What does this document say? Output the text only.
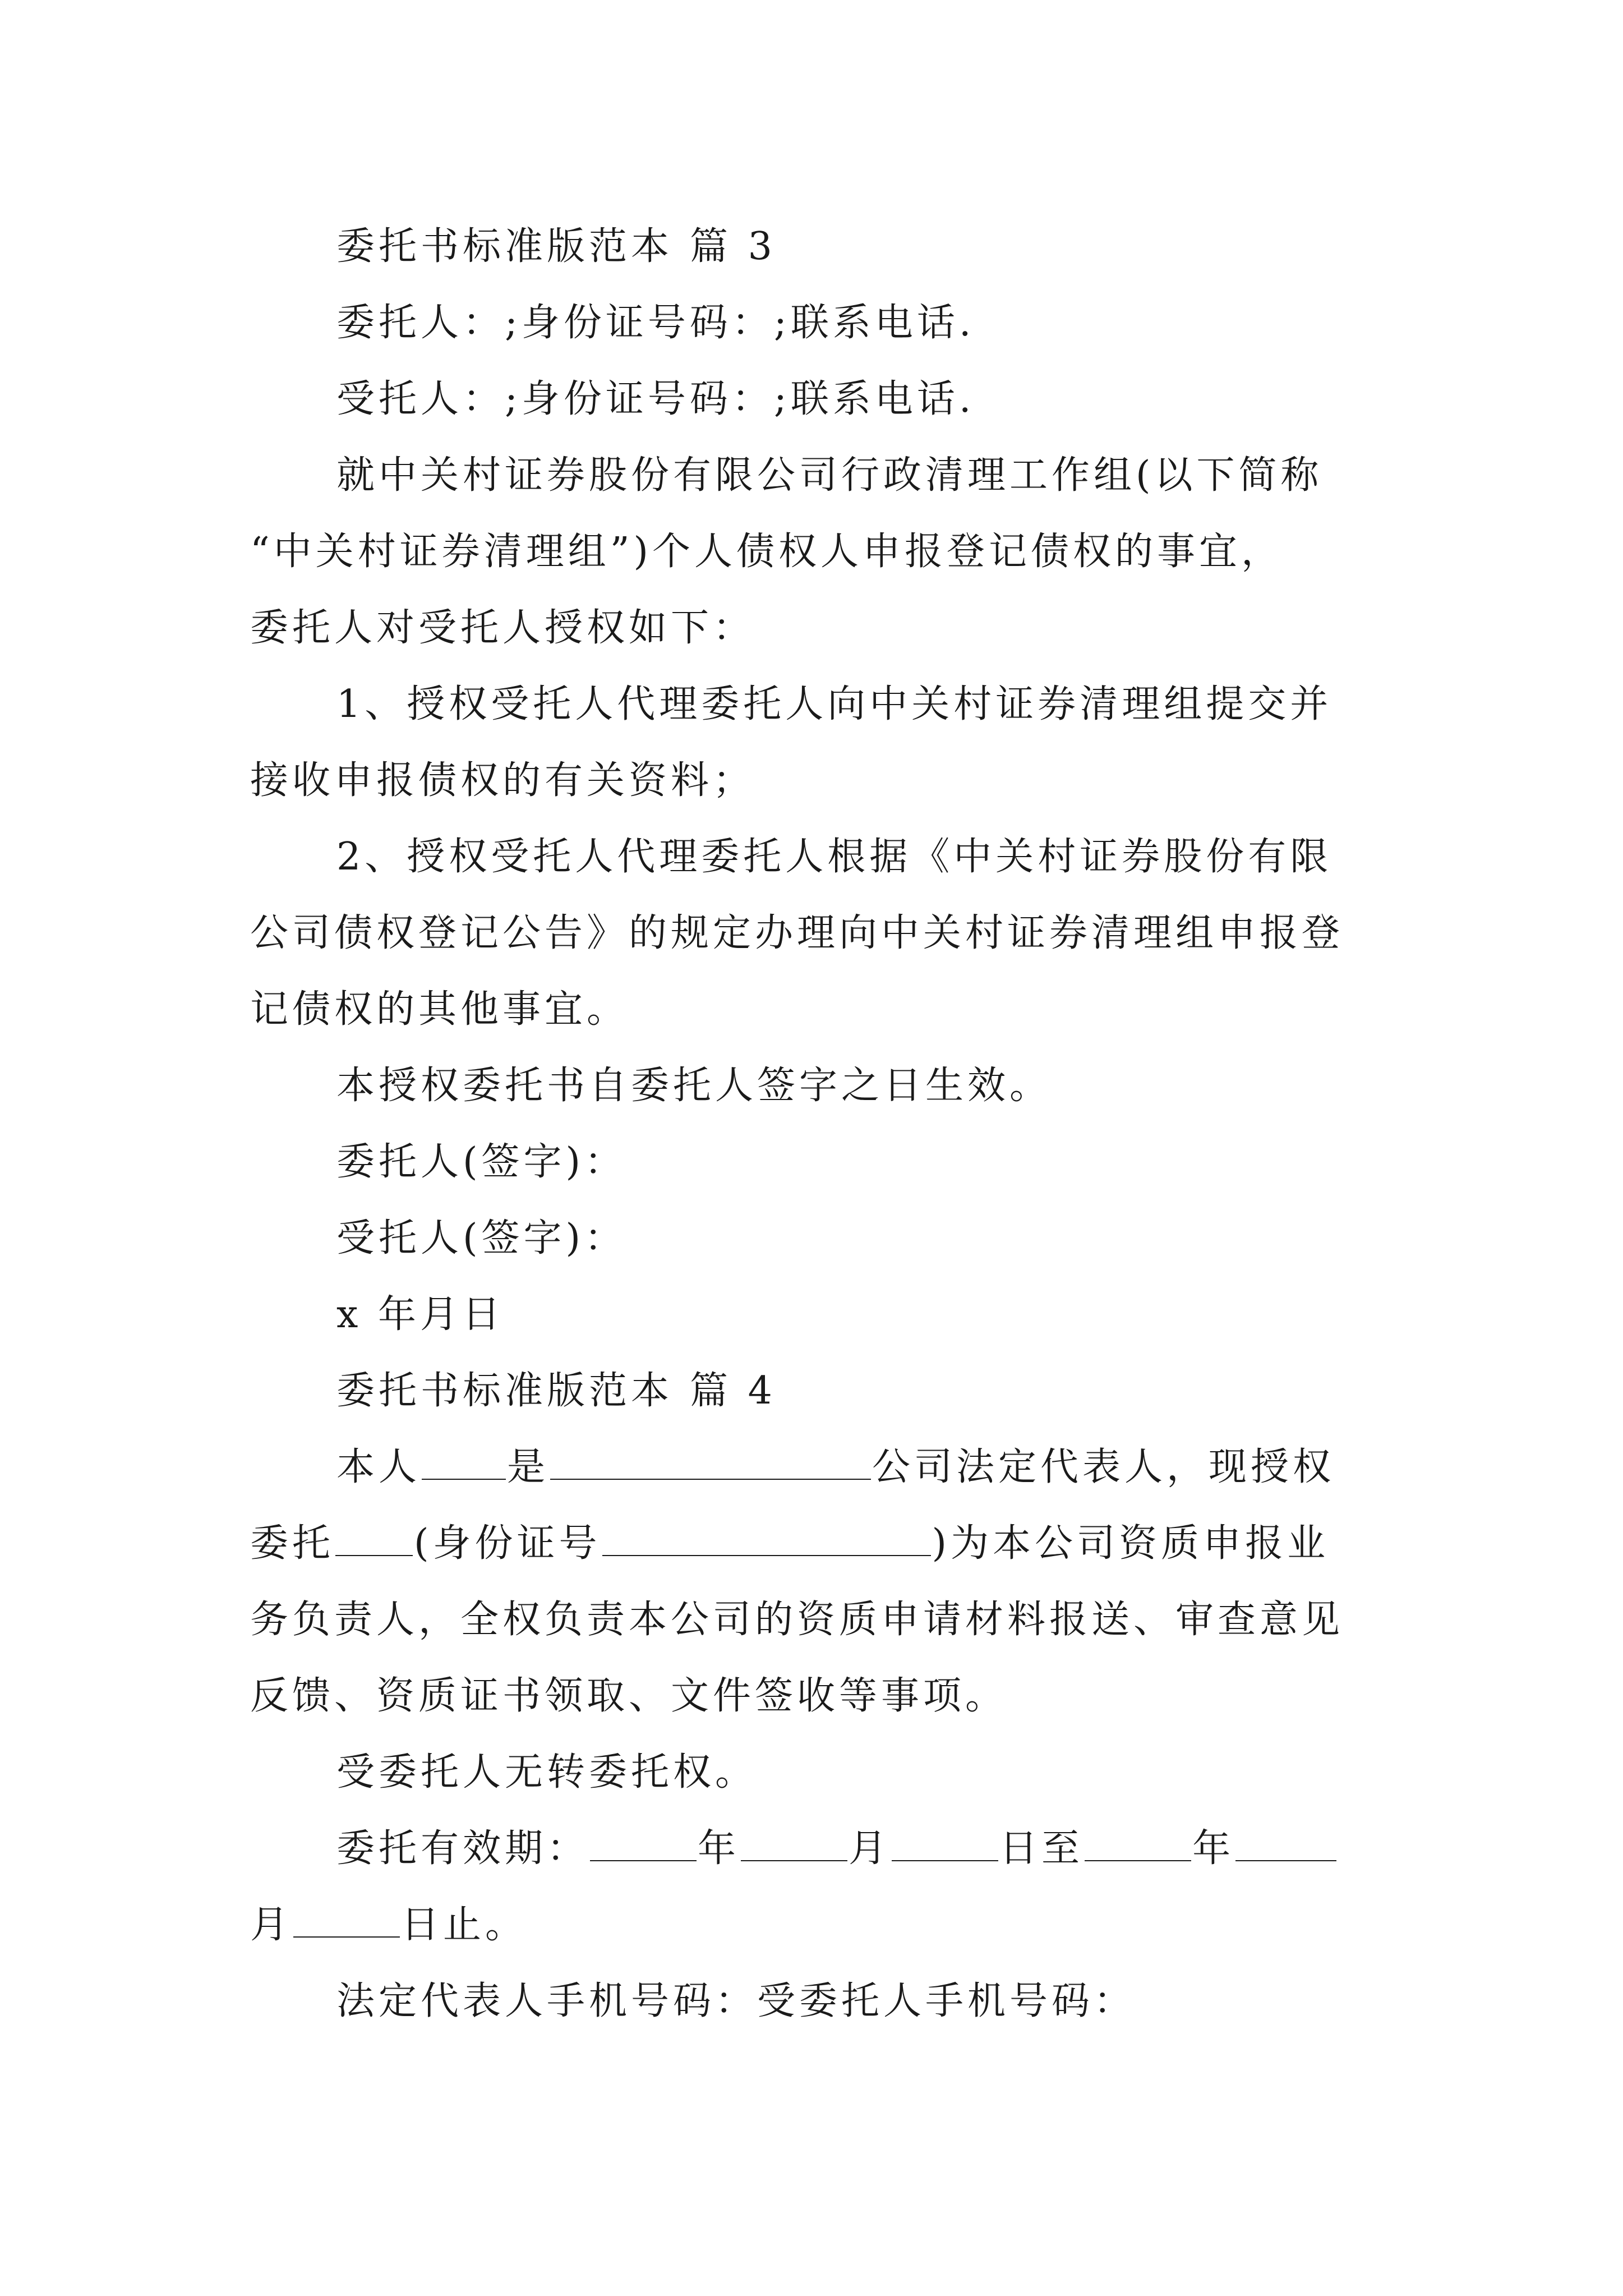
委托书标准版范本 篇 3
委托人：;身份证号码：;联系电话.
受托人：;身份证号码：;联系电话.
就中关村证券股份有限公司行政清理工作组(以下简称
“中关村证券清理组”)个人债权人申报登记债权的事宜，
委托人对受托人授权如下：
1、授权受托人代理委托人向中关村证券清理组提交并
接收申报债权的有关资料；
2、授权受托人代理委托人根据《中关村证券股份有限
公司债权登记公告》的规定办理向中关村证券清理组申报登
记债权的其他事宜。
本授权委托书自委托人签字之日生效。
委托人(签字)：
受托人(签字)：
x 年月日
委托书标准版范本 篇 4
本人 是	公司法定代表人，现授权
委托 (身份证号	)为本公司资质申报业
务负责人，全权负责本公司的资质申请材料报送、审查意见
反馈、资质证书领取、文件签收等事项。
受委托人无转委托权。
委托有效期：	年	月	日至	年
月	日止。
法定代表人手机号码：受委托人手机号码：
